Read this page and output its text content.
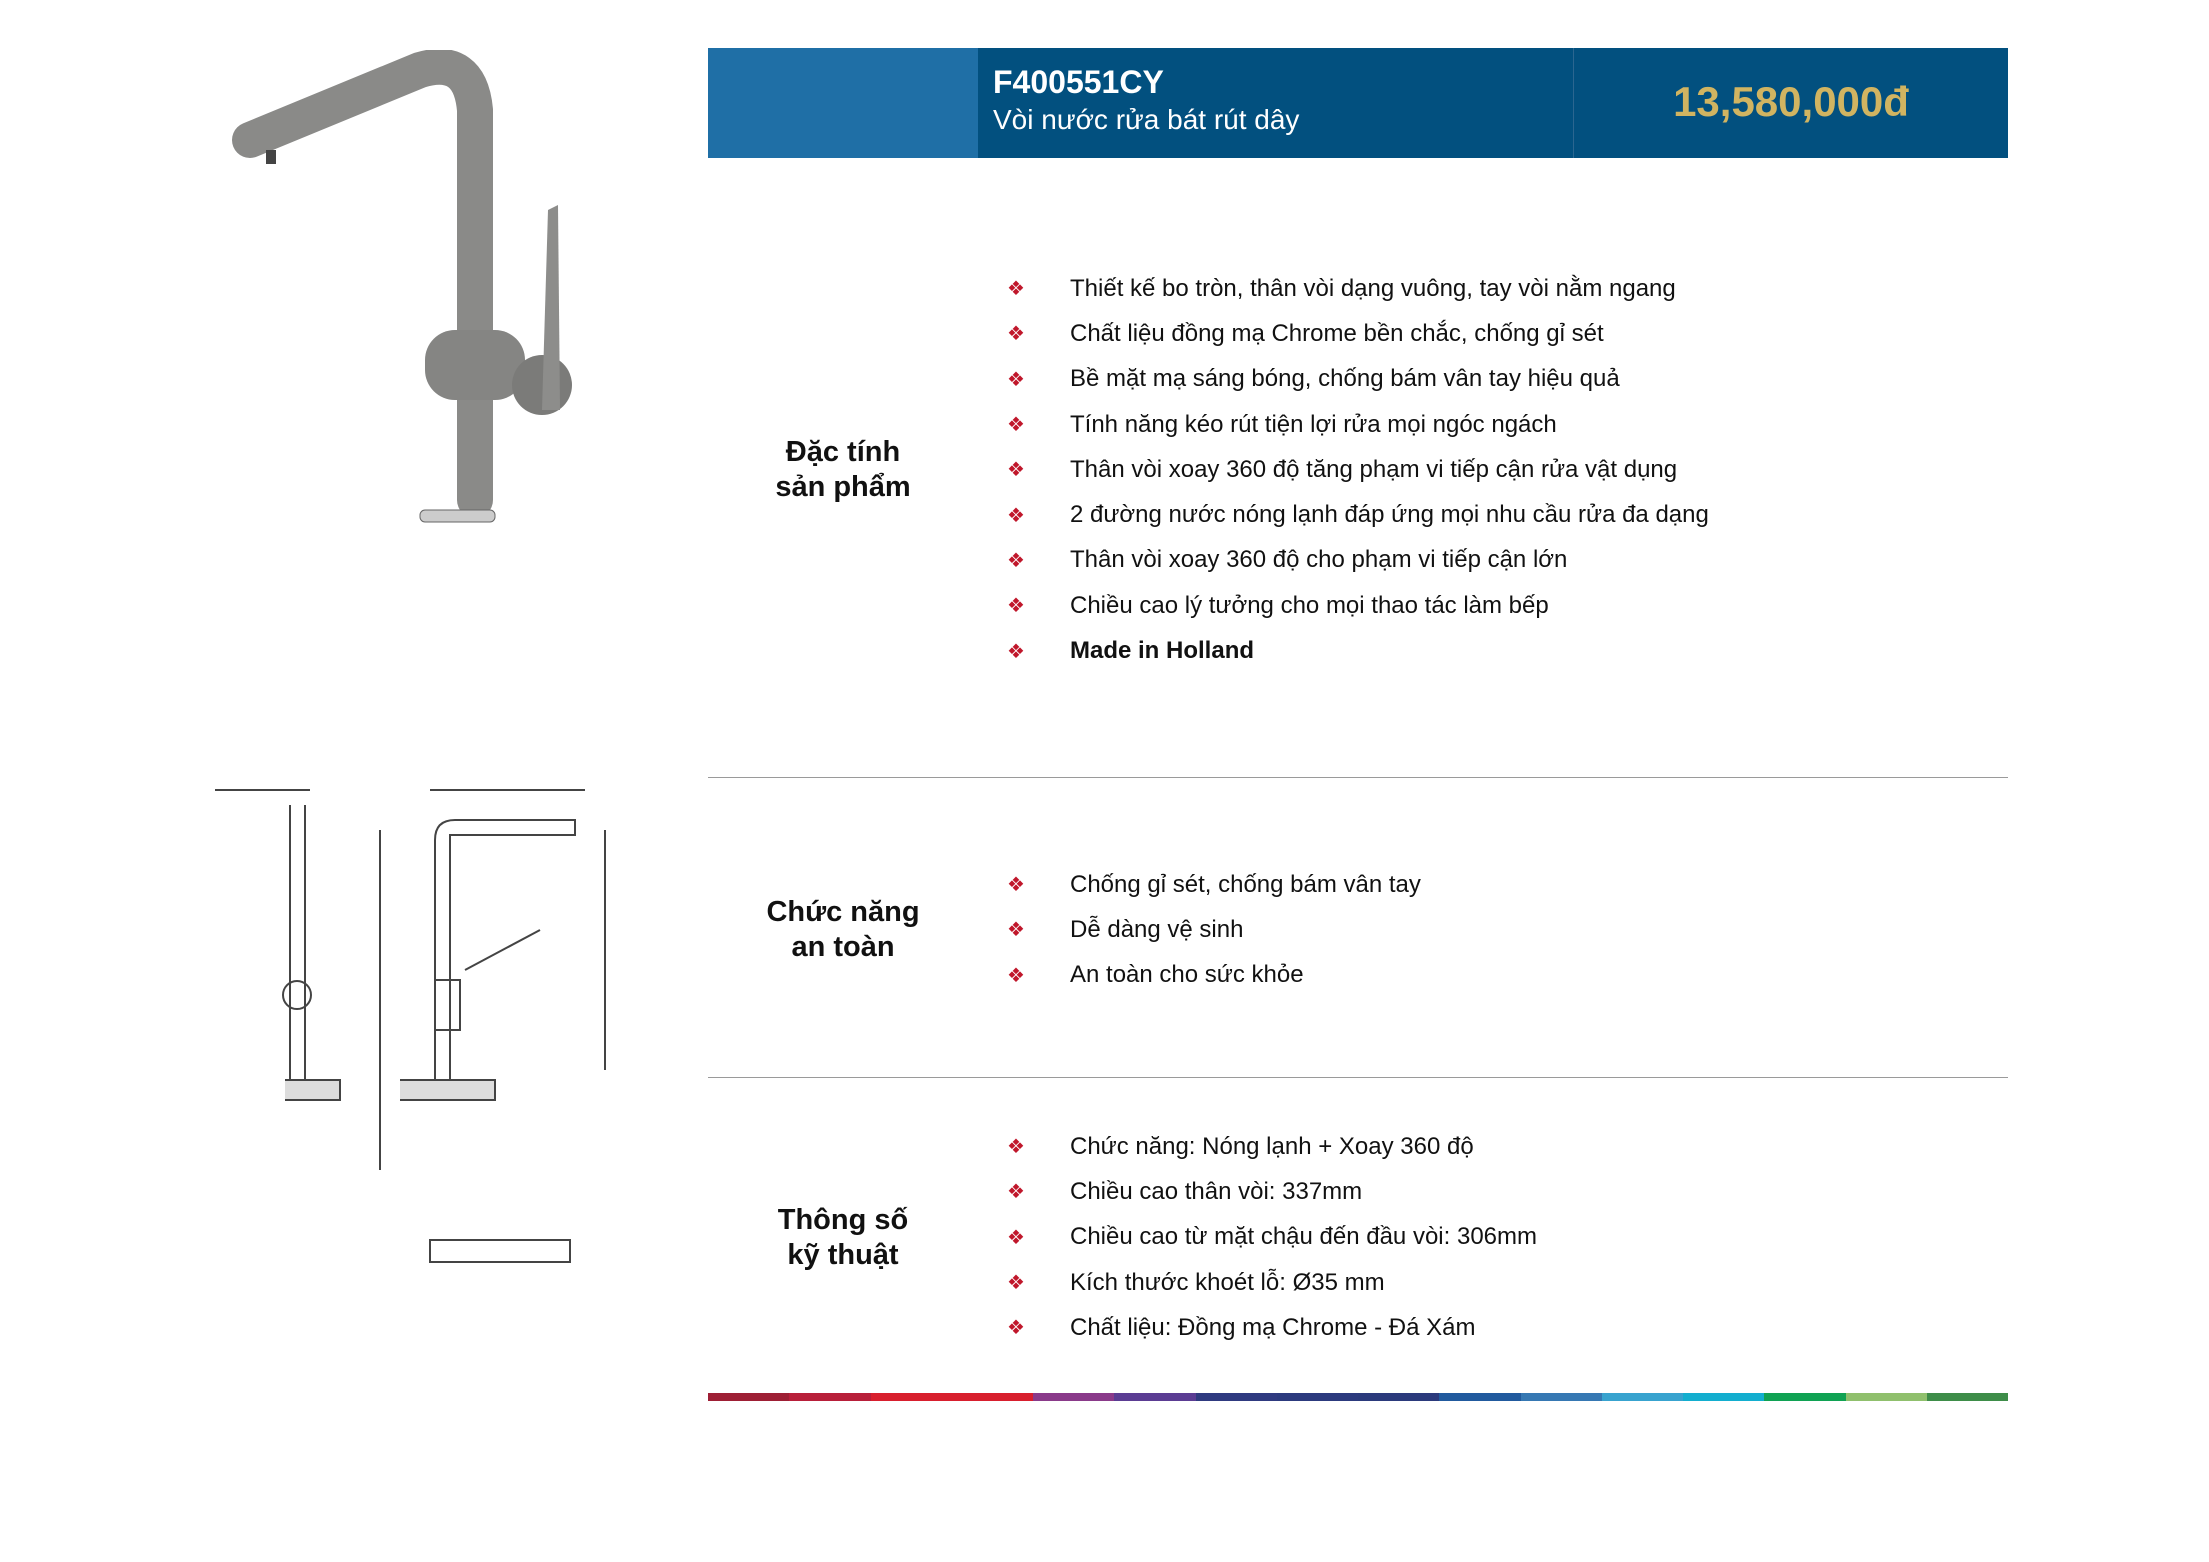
F400551CY
Vòi nước rửa bát rút dây	13,580,000đ
Đặc tính
sản phẩm
❖	Thiết kế bo tròn, thân vòi dạng vuông, tay vòi nằm ngang
❖	Chất liệu đồng mạ Chrome bền chắc, chống gỉ sét
❖	Bề mặt mạ sáng bóng, chống bám vân tay hiệu quả
❖	Tính năng kéo rút tiện lợi rửa mọi ngóc ngách
❖	Thân vòi xoay 360 độ tăng phạm vi tiếp cận rửa vật dụng
❖	2 đường nước nóng lạnh đáp ứng mọi nhu cầu rửa đa dạng
❖	Thân vòi xoay 360 độ cho phạm vi tiếp cận lớn
❖	Chiều cao lý tưởng cho mọi thao tác làm bếp
❖	Made in Holland
Chức năng
an toàn
❖	Chống gỉ sét, chống bám vân tay
❖	Dễ dàng vệ sinh
❖	An toàn cho sức khỏe
Thông số
kỹ thuật
❖	Chức năng: Nóng lạnh + Xoay 360 độ
❖	Chiều cao thân vòi: 337mm
❖	Chiều cao từ mặt chậu đến đầu vòi: 306mm
❖	Kích thước khoét lỗ: Ø35 mm
❖	Chất liệu: Đồng mạ Chrome - Đá Xám
